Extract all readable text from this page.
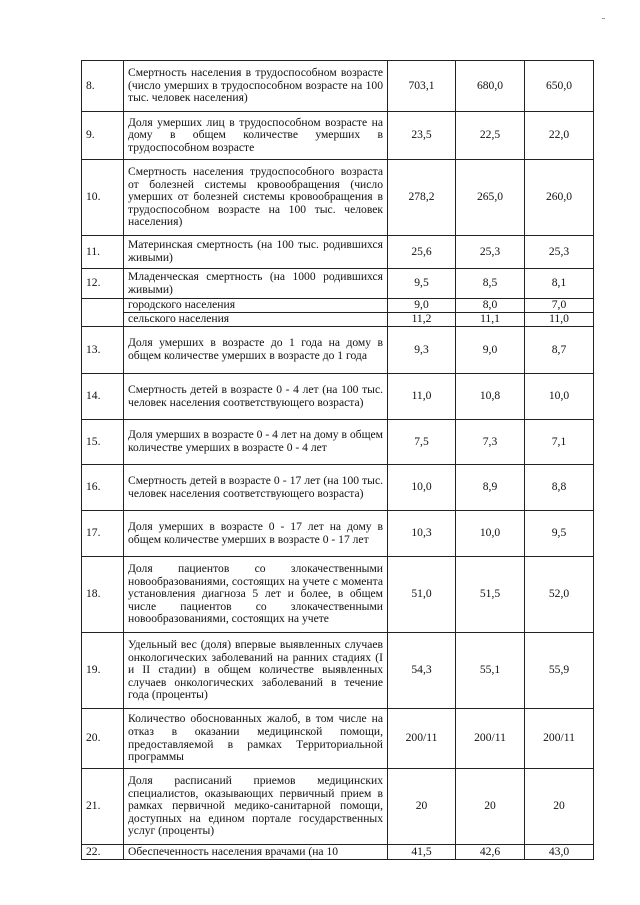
8.	Смертность населения в трудоспособном возрасте (число умерших в трудоспособном возрасте на 100 тыс. человек населения)	703,1	680,0	650,0
9.	Доля умерших лиц в трудоспособном возрасте на дому в общем количестве умерших в трудоспособном возрасте	23,5	22,5	22,0
10.	Смертность населения трудоспособного возраста от болезней системы кровообращения (число умерших от болезней системы кровообращения в трудоспособном возрасте на 100 тыс. человек населения)	278,2	265,0	260,0
11.	Материнская смертность (на 100 тыс. родившихся живыми)	25,6	25,3	25,3
12.	Младенческая смертность (на 1000 родившихся живыми)	9,5	8,5	8,1
	городского населения	9,0	8,0	7,0
	сельского населения	11,2	11,1	11,0
13.	Доля умерших в возрасте до 1 года на дому в общем количестве умерших в возрасте до 1 года	9,3	9,0	8,7
14.	Смертность детей в возрасте 0 - 4 лет (на 100 тыс. человек населения соответствующего возраста)	11,0	10,8	10,0
15.	Доля умерших в возрасте 0 - 4 лет на дому в общем количестве умерших в возрасте 0 - 4 лет	7,5	7,3	7,1
16.	Смертность детей в возрасте 0 - 17 лет (на 100 тыс. человек населения соответствующего возраста)	10,0	8,9	8,8
17.	Доля умерших в возрасте 0 - 17 лет на дому в общем количестве умерших в возрасте 0 - 17 лет	10,3	10,0	9,5
18.	Доля пациентов со злокачественными новообразованиями, состоящих на учете с момента установления диагноза 5 лет и более, в общем числе пациентов со злокачественными новообразованиями, состоящих на учете	51,0	51,5	52,0
19.	Удельный вес (доля) впервые выявленных случаев онкологических заболеваний на ранних стадиях (I и II стадии) в общем количестве выявленных случаев онкологических заболеваний в течение года (проценты)	54,3	55,1	55,9
20.	Количество обоснованных жалоб, в том числе на отказ в оказании медицинской помощи, предоставляемой в рамках Территориальной программы	200/11	200/11	200/11
21.	Доля расписаний приемов медицинских специалистов, оказывающих первичный прием в рамках первичной медико-санитарной помощи, доступных на едином портале государственных услуг (проценты)	20	20	20
22.	Обеспеченность населения врачами (на 10	41,5	42,6	43,0
